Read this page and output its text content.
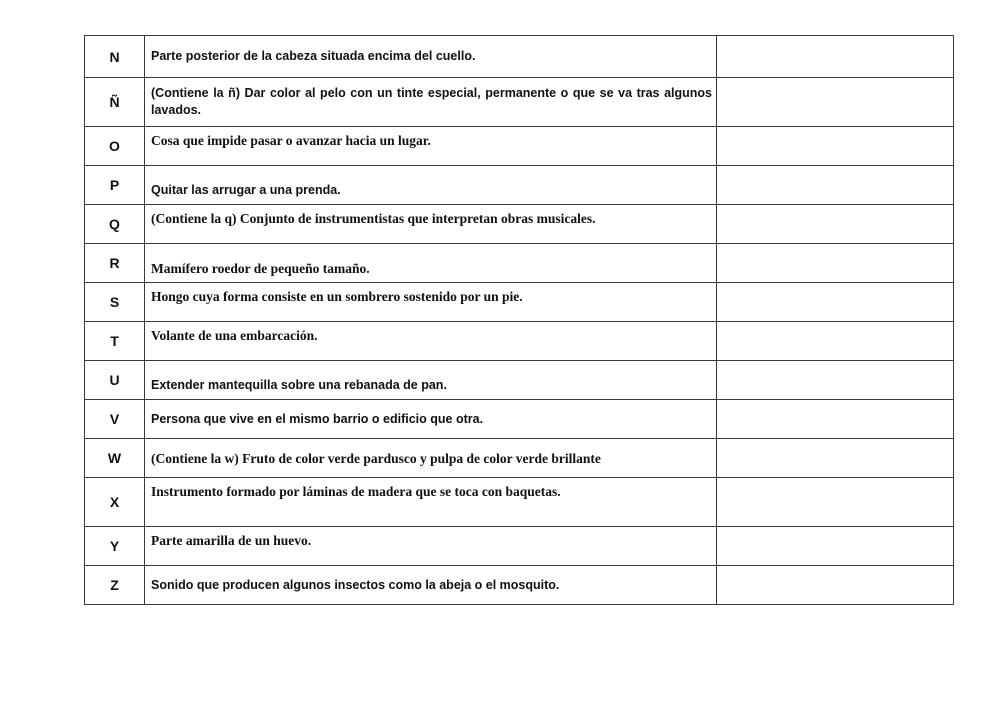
N	Parte posterior de la cabeza situada encima del cuello.	

Ñ	(Contiene la ñ) Dar color al pelo con un tinte especial, permanente o que se va tras algunos lavados.	

O	Cosa que impide pasar o avanzar hacia un lugar.	

P	Quitar las arrugar a una prenda.	

Q	(Contiene la q) Conjunto de instrumentistas que interpretan obras musicales.	

R	Mamífero roedor de pequeño tamaño.	

S	Hongo cuya forma consiste en un sombrero sostenido por un pie.	

T	Volante de una embarcación.	

U	Extender mantequilla sobre una rebanada de pan.	

V	Persona que vive en el mismo barrio o edificio que otra.	

W	(Contiene la w) Fruto de color verde pardusco y pulpa de color verde brillante	

X	Instrumento formado por láminas de madera que se toca con baquetas.	

Y	Parte amarilla de un huevo.	

Z	Sonido que producen algunos insectos como la abeja o el mosquito.	
